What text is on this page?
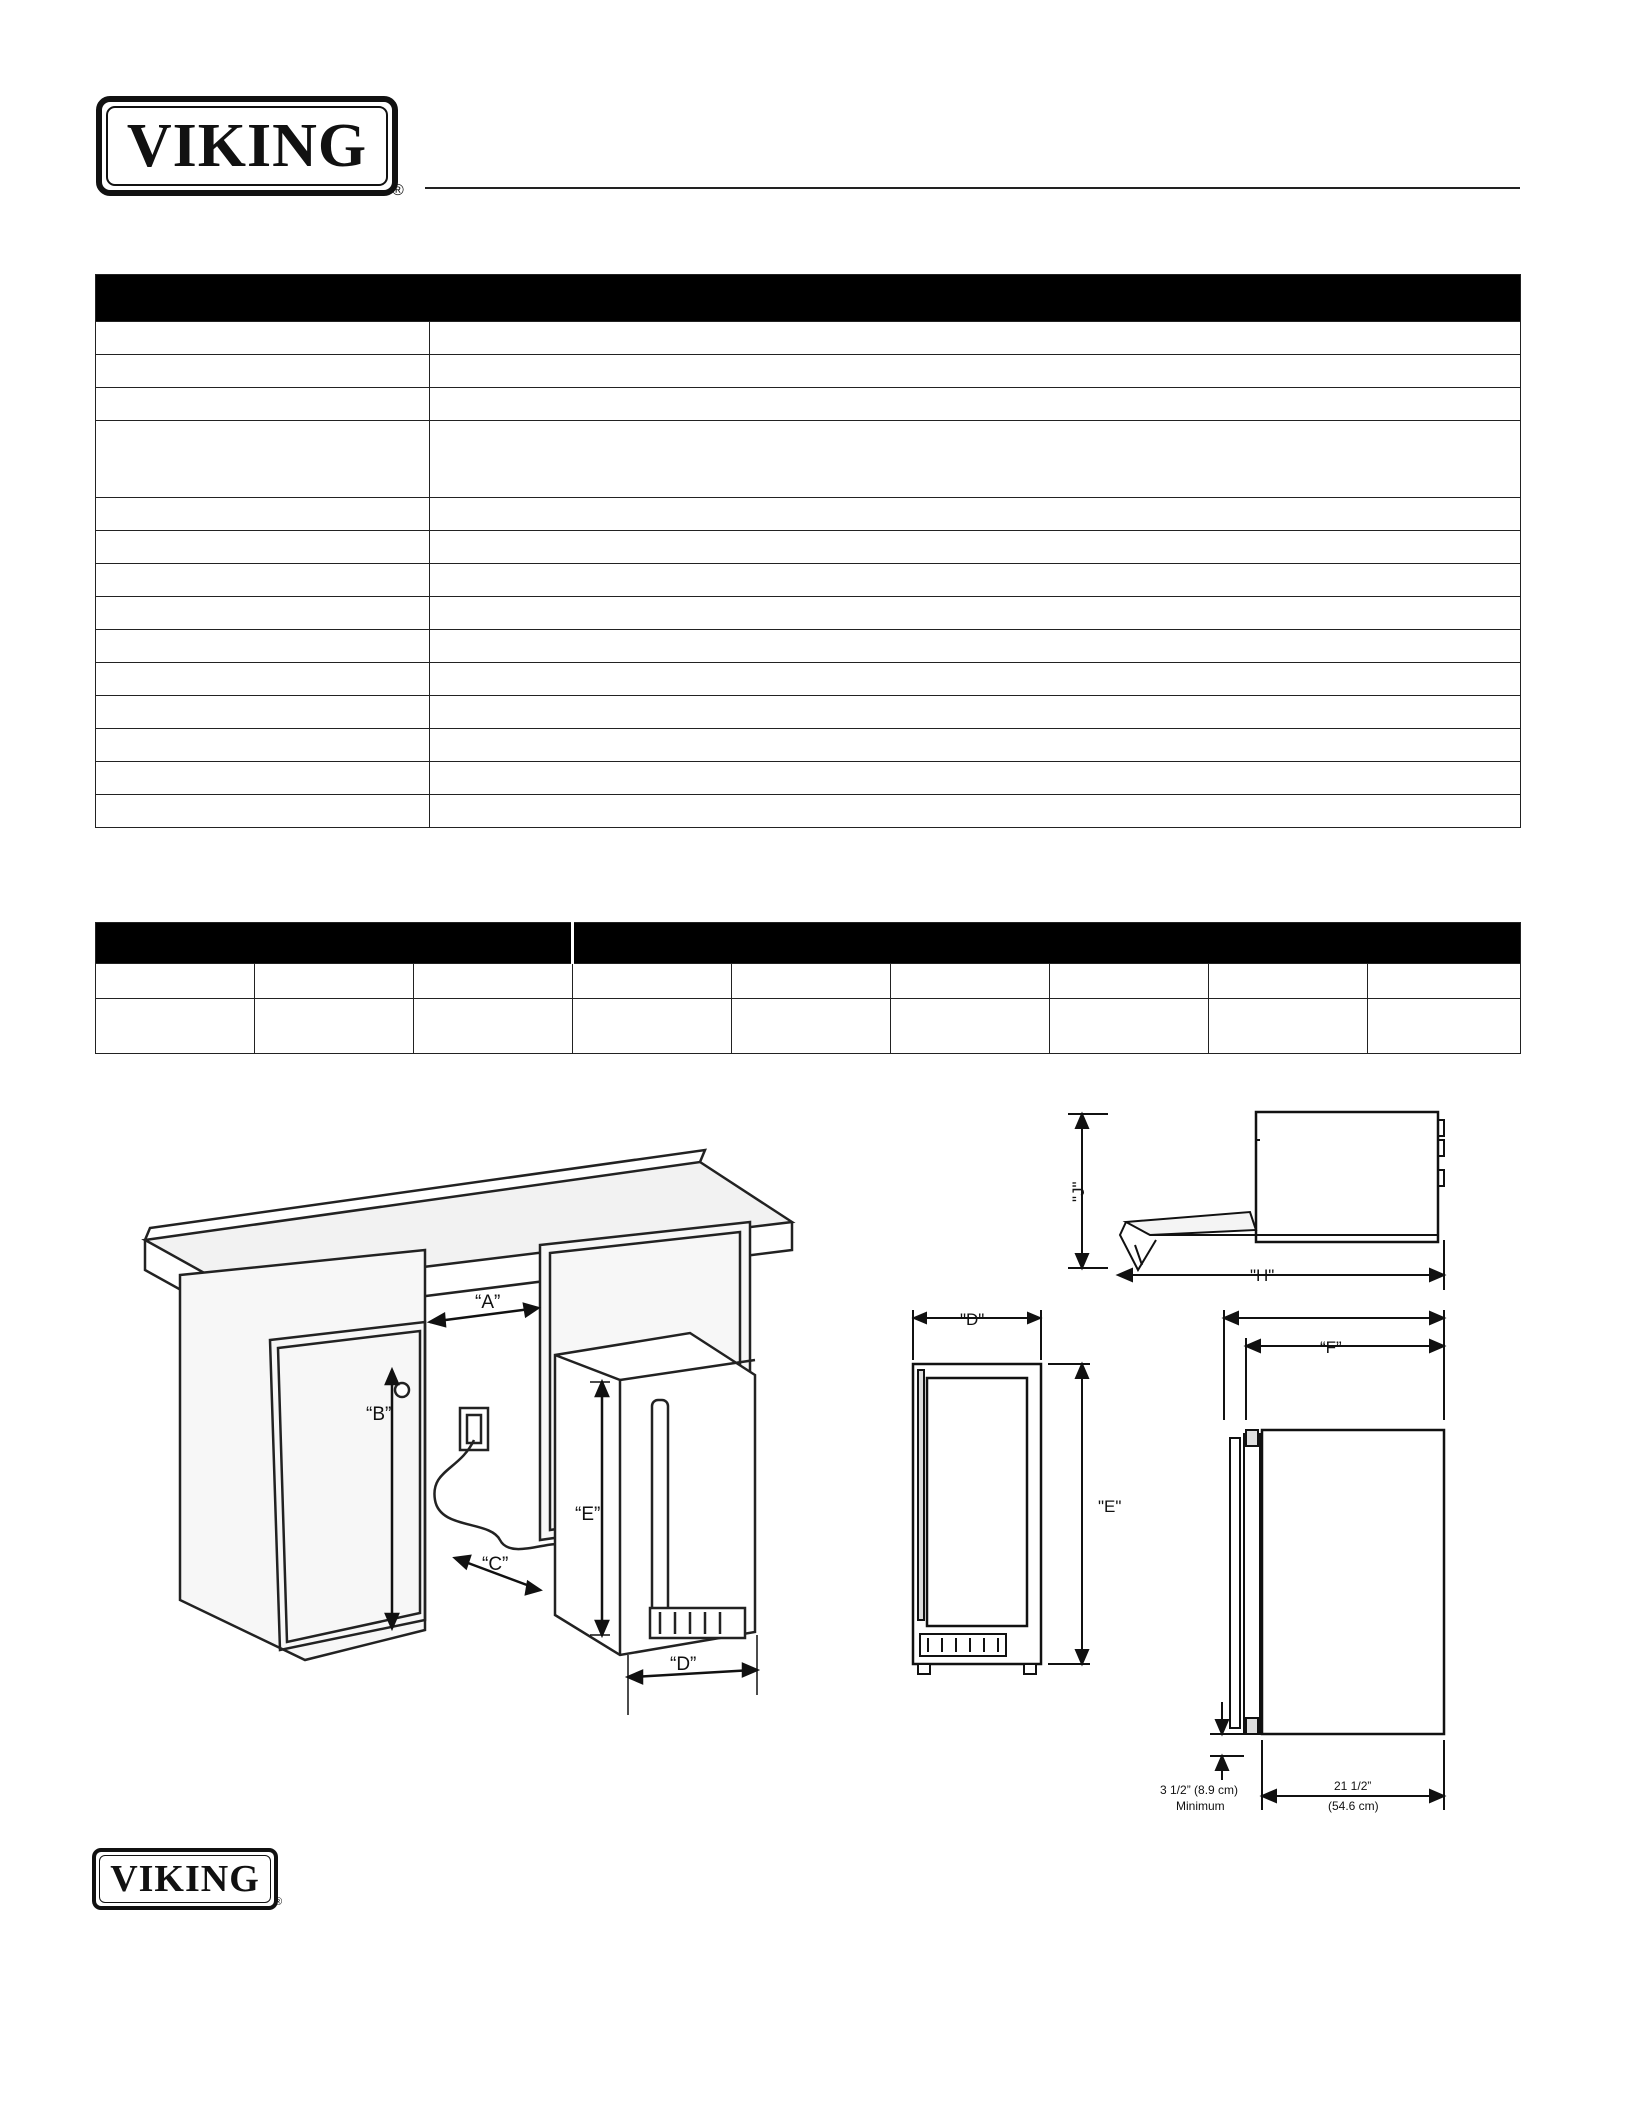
VIKING
®

“A”
“B”
“C”
“E”
“D”
"D"
"E"
"J"
"H"
“F”
3 1/2” (8.9 cm)
Minimum
21 1/2”
(54.6 cm)
VIKING
®
